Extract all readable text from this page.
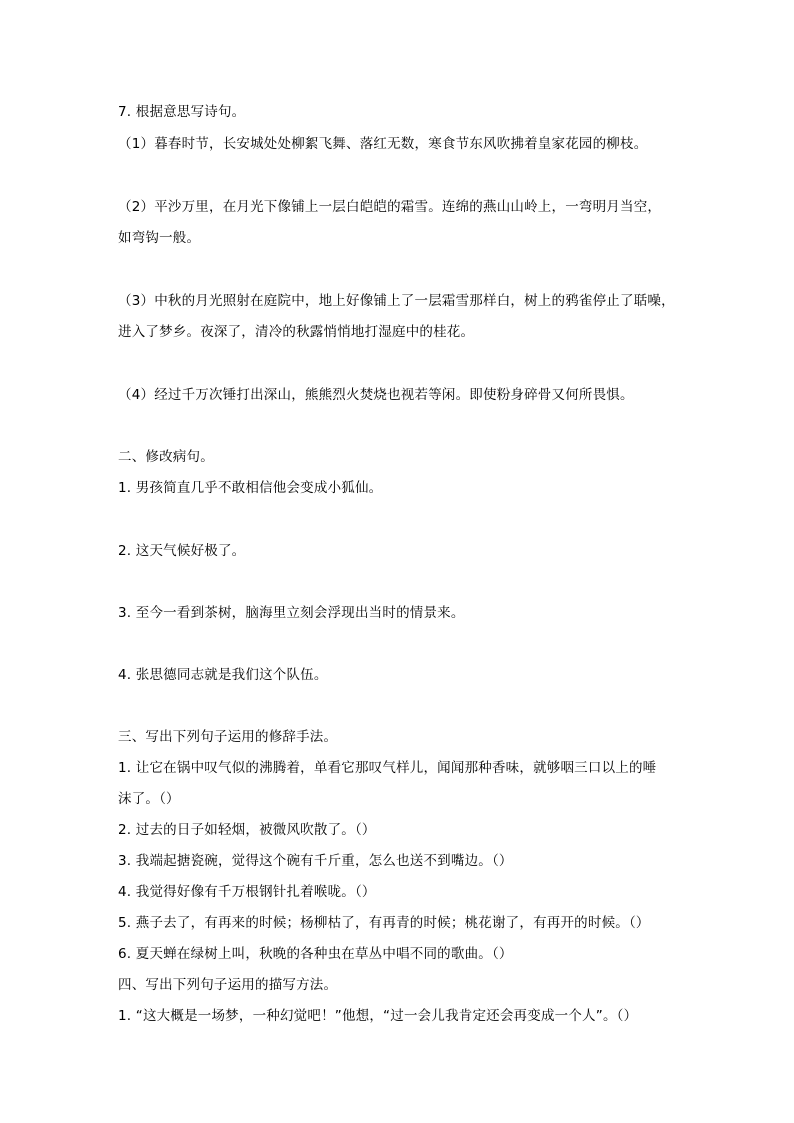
7. 根据意思写诗句。
（1）暮春时节，长安城处处柳絮飞舞、落红无数，寒食节东风吹拂着皇家花园的柳枝。
（2）平沙万里，在月光下像铺上一层白皑皑的霜雪。连绵的燕山山岭上，一弯明月当空，
如弯钩一般。
（3）中秋的月光照射在庭院中，地上好像铺上了一层霜雪那样白，树上的鸦雀停止了聒噪，
进入了梦乡。夜深了，清冷的秋露悄悄地打湿庭中的桂花。
（4）经过千万次锤打出深山，熊熊烈火焚烧也视若等闲。即使粉身碎骨又何所畏惧。
二、修改病句。
1. 男孩简直几乎不敢相信他会变成小狐仙。
2. 这天气候好极了。
3. 至今一看到茶树，脑海里立刻会浮现出当时的情景来。
4. 张思德同志就是我们这个队伍。
三、写出下列句子运用的修辞手法。
1. 让它在锅中叹气似的沸腾着，单看它那叹气样儿，闻闻那种香味，就够咽三口以上的唾
沫了。（）
2. 过去的日子如轻烟，被微风吹散了。（）
3. 我端起搪瓷碗，觉得这个碗有千斤重，怎么也送不到嘴边。（）
4. 我觉得好像有千万根钢针扎着喉咙。（）
5. 燕子去了，有再来的时候；杨柳枯了，有再青的时候；桃花谢了，有再开的时候。（）
6. 夏天蝉在绿树上叫，秋晚的各种虫在草丛中唱不同的歌曲。（）
四、写出下列句子运用的描写方法。
1. “这大概是一场梦，一种幻觉吧！”他想，“过一会儿我肯定还会再变成一个人”。（）
